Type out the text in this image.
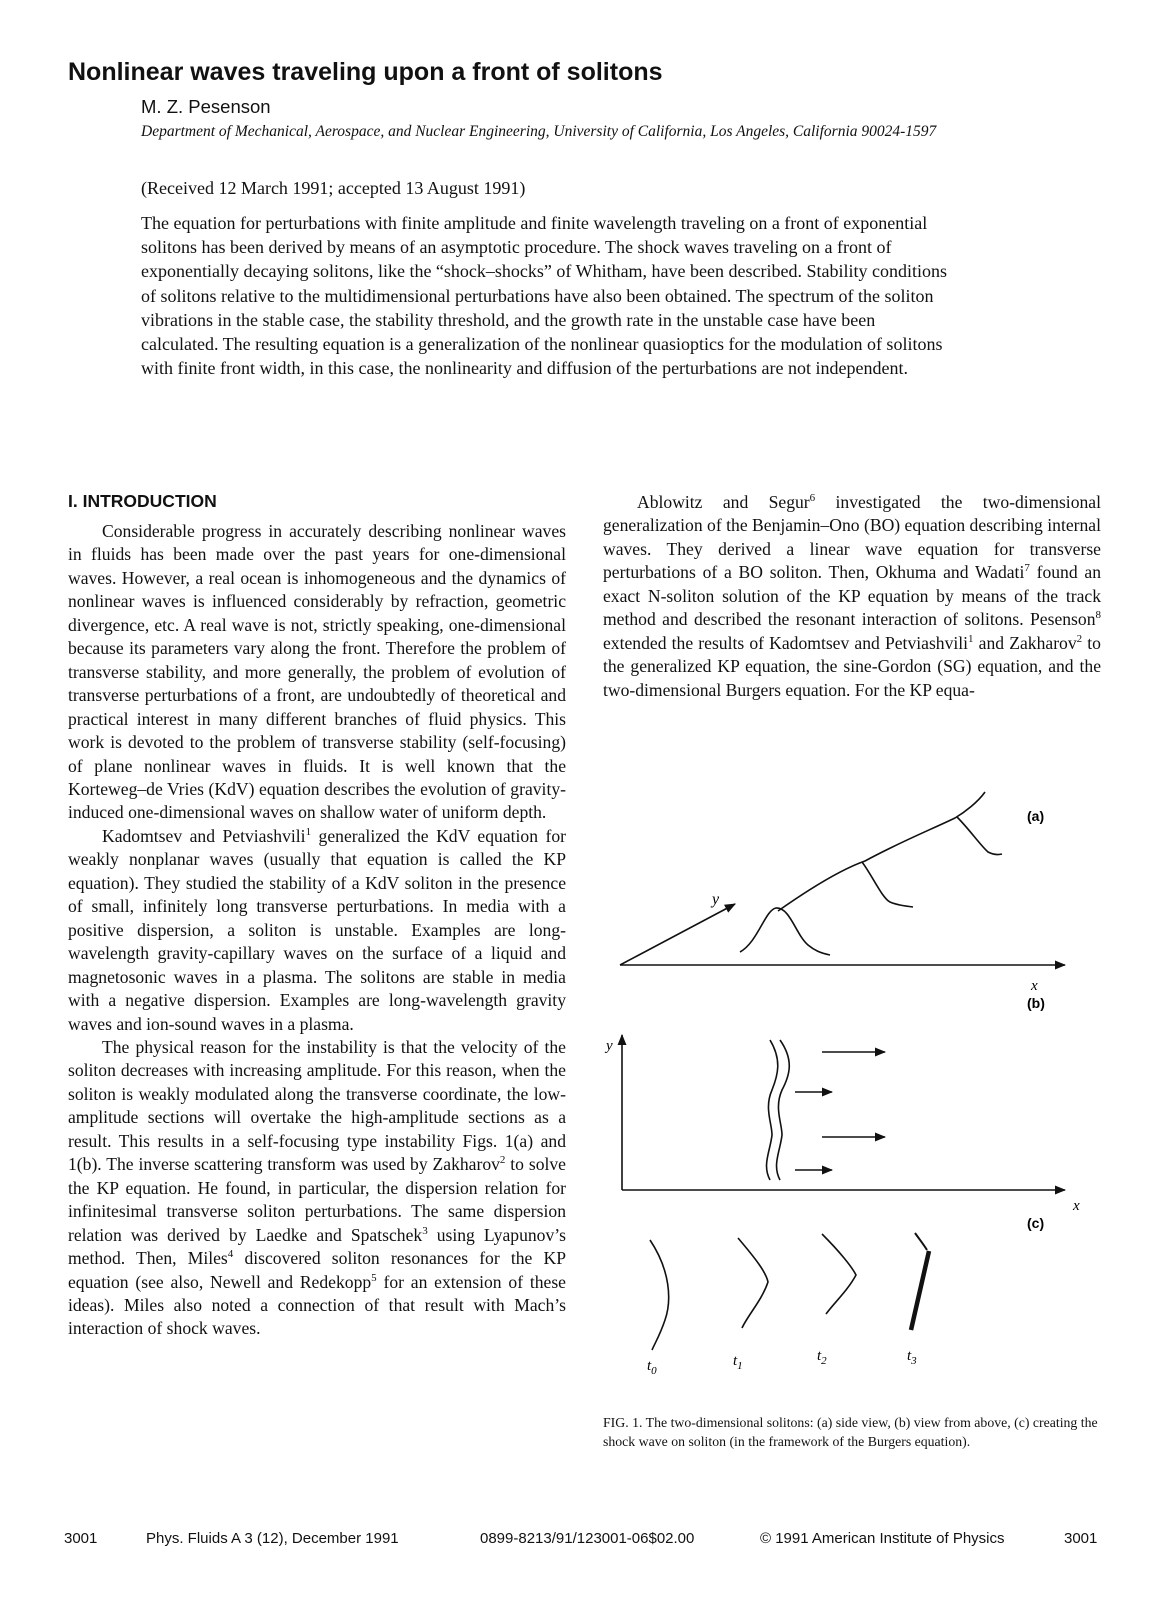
Nonlinear waves traveling upon a front of solitons
M. Z. Pesenson
Department of Mechanical, Aerospace, and Nuclear Engineering, University of California, Los Angeles, California 90024-1597
(Received 12 March 1991; accepted 13 August 1991)
The equation for perturbations with finite amplitude and finite wavelength traveling on a front of exponential solitons has been derived by means of an asymptotic procedure. The shock waves traveling on a front of exponentially decaying solitons, like the “shock–shocks” of Whitham, have been described. Stability conditions of solitons relative to the multidimensional perturbations have also been obtained. The spectrum of the soliton vibrations in the stable case, the stability threshold, and the growth rate in the unstable case have been calculated. The resulting equation is a generalization of the nonlinear quasioptics for the modulation of solitons with finite front width, in this case, the nonlinearity and diffusion of the perturbations are not independent.
I. INTRODUCTION

Considerable progress in accurately describing nonlinear waves in fluids has been made over the past years for one-dimensional waves. However, a real ocean is inhomogeneous and the dynamics of nonlinear waves is influenced considerably by refraction, geometric divergence, etc. A real wave is not, strictly speaking, one-dimensional because its parameters vary along the front. Therefore the problem of transverse stability, and more generally, the problem of evolution of transverse perturbations of a front, are undoubtedly of theoretical and practical interest in many different branches of fluid physics. This work is devoted to the problem of transverse stability (self-focusing) of plane nonlinear waves in fluids. It is well known that the Korteweg–de Vries (KdV) equation describes the evolution of gravity-induced one-dimensional waves on shallow water of uniform depth.

Kadomtsev and Petviashvili$^1$ generalized the KdV equation for weakly nonplanar waves (usually that equation is called the KP equation). They studied the stability of a KdV soliton in the presence of small, infinitely long transverse perturbations. In media with a positive dispersion, a soliton is unstable. Examples are long-wavelength gravity-capillary waves on the surface of a liquid and magnetosonic waves in a plasma. The solitons are stable in media with a negative dispersion. Examples are long-wavelength gravity waves and ion-sound waves in a plasma.

The physical reason for the instability is that the velocity of the soliton decreases with increasing amplitude. For this reason, when the soliton is weakly modulated along the transverse coordinate, the low-amplitude sections will overtake the high-amplitude sections as a result. This results in a self-focusing type instability Figs. 1(a) and 1(b). The inverse scattering transform was used by Zakharov$^2$ to solve the KP equation. He found, in particular, the dispersion relation for infinitesimal transverse soliton perturbations. The same dispersion relation was derived by Laedke and Spatschek$^3$ using Lyapunov’s method. Then, Miles$^4$ discovered soliton resonances for the KP equation (see also, Newell and Redekopp$^5$ for an extension of these ideas). Miles also noted a connection of that result with Mach’s interaction of shock waves.

Ablowitz and Segur$^6$ investigated the two-dimensional generalization of the Benjamin–Ono (BO) equation describing internal waves. They derived a linear wave equation for transverse perturbations of a BO soliton. Then, Okhuma and Wadati$^7$ found an exact N-soliton solution of the KP equation by means of the track method and described the resonant interaction of solitons. Pesenson$^8$ extended the results of Kadomtsev and Petviashvili$^1$ and Zakharov$^2$ to the generalized KP equation, the sine-Gordon (SG) equation, and the two-dimensional Burgers equation. For the KP equa-

y
x
(a)
y
x
(b)
(c)
$t_0$
$t_1$
$t_2$	$t_3$
FIG. 1. The two-dimensional solitons: (a) side view, (b) view from above, (c) creating the shock wave on soliton (in the framework of the Burgers equation).
3001	Phys. Fluids A 3 (12), December 1991	0899-8213/91/123001-06$02.00	© 1991 American Institute of Physics	3001
